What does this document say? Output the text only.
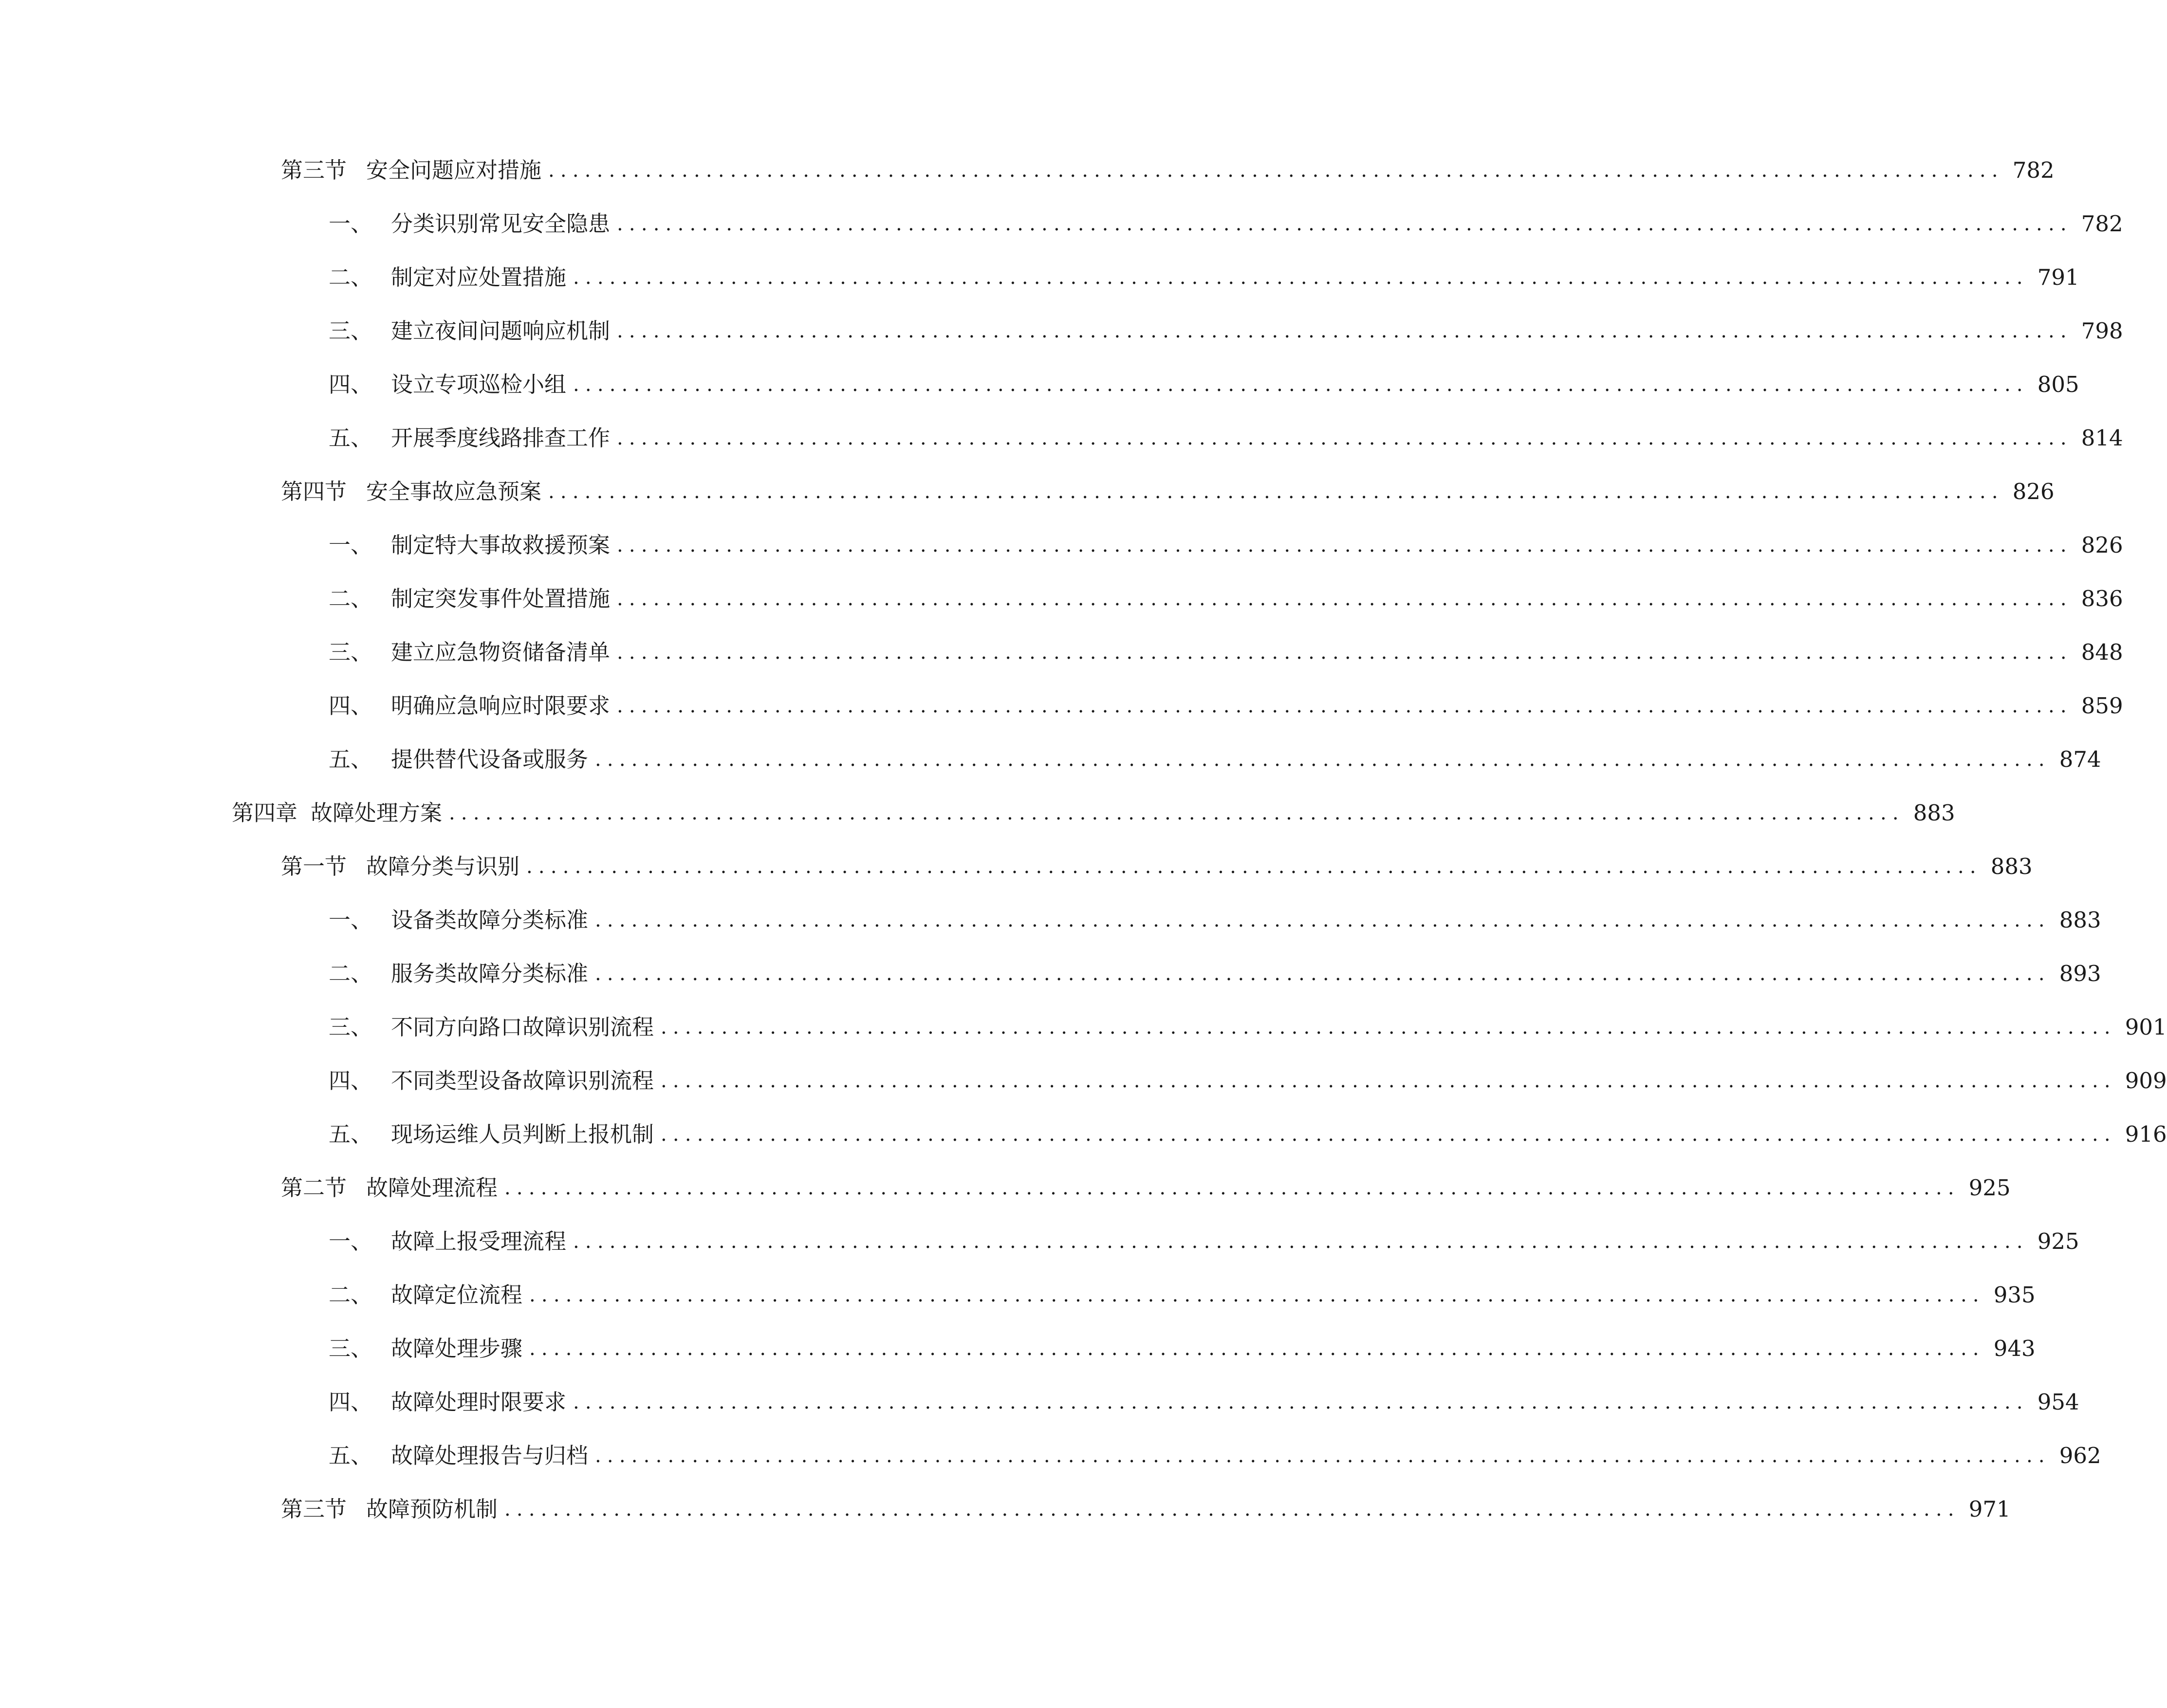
第三节 安全问题应对措施 ........................................................................................................................ 782
一、 分类识别常见安全隐患 ........................................................................................................................ 782
二、 制定对应处置措施 ........................................................................................................................ 791
三、 建立夜间问题响应机制 ........................................................................................................................ 798
四、 设立专项巡检小组 ........................................................................................................................ 805
五、 开展季度线路排查工作 ........................................................................................................................ 814
第四节 安全事故应急预案 ........................................................................................................................ 826
一、 制定特大事故救援预案 ........................................................................................................................ 826
二、 制定突发事件处置措施 ........................................................................................................................ 836
三、 建立应急物资储备清单 ........................................................................................................................ 848
四、 明确应急响应时限要求 ........................................................................................................................ 859
五、 提供替代设备或服务 ........................................................................................................................ 874
第四章 故障处理方案 ........................................................................................................................ 883
第一节 故障分类与识别 ........................................................................................................................ 883
一、 设备类故障分类标准 ........................................................................................................................ 883
二、 服务类故障分类标准 ........................................................................................................................ 893
三、 不同方向路口故障识别流程 ........................................................................................................................ 901
四、 不同类型设备故障识别流程 ........................................................................................................................ 909
五、 现场运维人员判断上报机制 ........................................................................................................................ 916
第二节 故障处理流程 ........................................................................................................................ 925
一、 故障上报受理流程 ........................................................................................................................ 925
二、 故障定位流程 ........................................................................................................................ 935
三、 故障处理步骤 ........................................................................................................................ 943
四、 故障处理时限要求 ........................................................................................................................ 954
五、 故障处理报告与归档 ........................................................................................................................ 962
第三节 故障预防机制 ........................................................................................................................ 971
